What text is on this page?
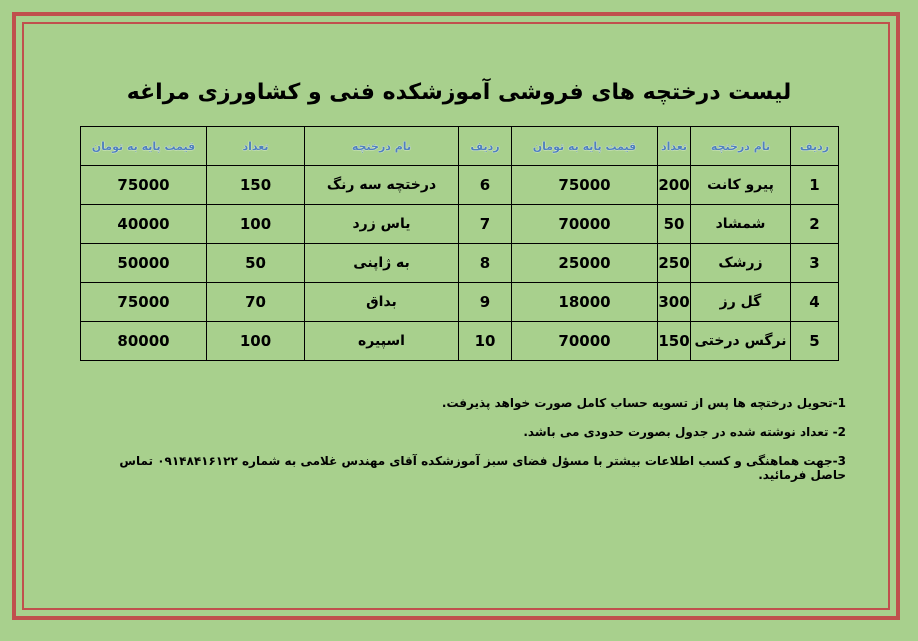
لیست درختچه های فروشی آموزشکده فنی و کشاورزی مراغه
ردیف	نام درختچه	تعداد	قیمت پایه به تومان	ردیف	نام درختچه	تعداد	قیمت پایه به تومان
1	پیرو کانت	200	75000	6	درختچه سه رنگ	150	75000
2	شمشاد	50	70000	7	یاس زرد	100	40000
3	زرشک	250	25000	8	به ژاپنی	50	50000
4	گل رز	300	18000	9	بداق	70	75000
5	نرگس درختی	150	70000	10	اسپیره	100	80000

1-تحویل درختچه ها پس از تسویه حساب کامل صورت خواهد پذیرفت.

2- تعداد نوشته شده در جدول بصورت حدودی می باشد.

3-جهت هماهنگی و کسب اطلاعات بیشتر با مسؤل فضای سبز آموزشکده آقای مهندس غلامی به شماره ۰۹۱۴۸۴۱۶۱۲۲ تماس حاصل فرمائید.
